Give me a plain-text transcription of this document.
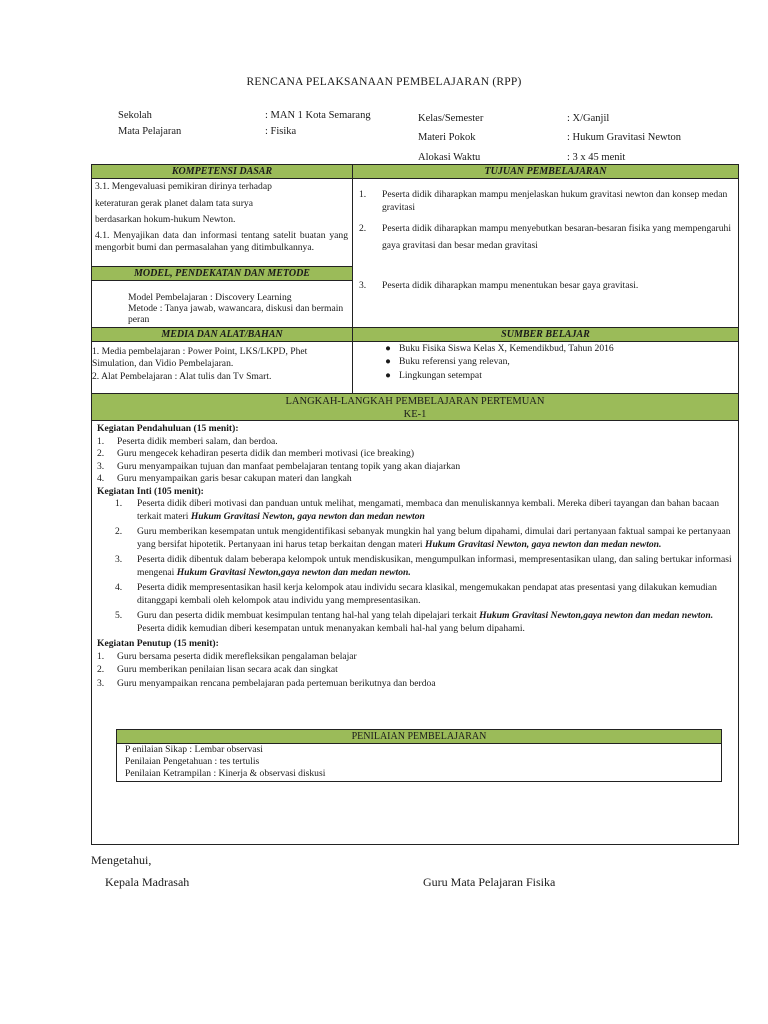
RENCANA PELAKSANAAN PEMBELAJARAN (RPP)
Sekolah	: MAN 1 Kota Semarang
Mata Pelajaran	: Fisika
Kelas/Semester	: X/Ganjil
Materi Pokok	: Hukum Gravitasi Newton
Alokasi Waktu	: 3 x 45 menit
KOMPETENSI DASAR
3.1. Mengevaluasi pemikiran dirinya terhadap
keteraturan gerak planet dalam tata surya
berdasarkan hokum-hukum Newton.
4.1. Menyajikan data dan informasi tentang satelit buatan yang mengorbit bumi dan permasalahan yang ditimbulkannya.
TUJUAN PEMBELAJARAN
1.	Peserta didik diharapkan mampu menjelaskan hukum gravitasi newton dan konsep medan gravitasi
2.	Peserta didik diharapkan mampu menyebutkan besaran-besaran fisika yang mempengaruhi gaya gravitasi dan besar medan gravitasi
3.	Peserta didik diharapkan mampu menentukan besar gaya gravitasi.
MODEL, PENDEKATAN DAN METODE
Model Pembelajaran : Discovery Learning
Metode : Tanya jawab, wawancara, diskusi dan bermain peran
MEDIA DAN ALAT/BAHAN
1. Media pembelajaran : Power Point, LKS/LKPD, Phet Simulation, dan Vidio Pembelajaran.
2. Alat Pembelajaran : Alat tulis dan Tv Smart.
SUMBER BELAJAR
● Buku Fisika Siswa Kelas X, Kemendikbud, Tahun 2016
● Buku referensi yang relevan,
● Lingkungan setempat
LANGKAH-LANGKAH PEMBELAJARAN PERTEMUAN
KE-1
Kegiatan Pendahuluan (15 menit):
1.	Peserta didik memberi salam, dan berdoa.
2.	Guru mengecek kehadiran peserta didik dan memberi motivasi (ice breaking)
3.	Guru menyampaikan tujuan dan manfaat pembelajaran tentang topik yang akan diajarkan
4.	Guru menyampaikan garis besar cakupan materi dan langkah
Kegiatan Inti (105 menit):
1.	Peserta didik diberi motivasi dan panduan untuk melihat, mengamati, membaca dan menuliskannya kembali. Mereka diberi tayangan dan bahan bacaan terkait materi Hukum Gravitasi Newton, gaya newton dan medan newton
2.	Guru memberikan kesempatan untuk mengidentifikasi sebanyak mungkin hal yang belum dipahami, dimulai dari pertanyaan faktual sampai ke pertanyaan yang bersifat hipotetik. Pertanyaan ini harus tetap berkaitan dengan materi Hukum Gravitasi Newton, gaya newton dan medan newton.
3.	Peserta didik dibentuk dalam beberapa kelompok untuk mendiskusikan, mengumpulkan informasi, mempresentasikan ulang, dan saling bertukar informasi mengenai Hukum Gravitasi Newton,gaya newton dan medan newton.
4.	Peserta didik mempresentasikan hasil kerja kelompok atau individu secara klasikal, mengemukakan pendapat atas presentasi yang dilakukan kemudian ditanggapi kembali oleh kelompok atau individu yang mempresentasikan.
5.	Guru dan peserta didik membuat kesimpulan tentang hal-hal yang telah dipelajari terkait Hukum Gravitasi Newton,gaya newton dan medan newton. Peserta didik kemudian diberi kesempatan untuk menanyakan kembali hal-hal yang belum dipahami.
Kegiatan Penutup (15 menit):
1.	Guru bersama peserta didik merefleksikan pengalaman belajar
2.	Guru memberikan penilaian lisan secara acak dan singkat
3.	Guru menyampaikan rencana pembelajaran pada pertemuan berikutnya dan berdoa
PENILAIAN PEMBELAJARAN
P enilaian Sikap : Lembar observasi
Penilaian Pengetahuan : tes tertulis
Penilaian Ketrampilan : Kinerja & observasi diskusi
Mengetahui,
Kepala Madrasah	Guru Mata Pelajaran Fisika
